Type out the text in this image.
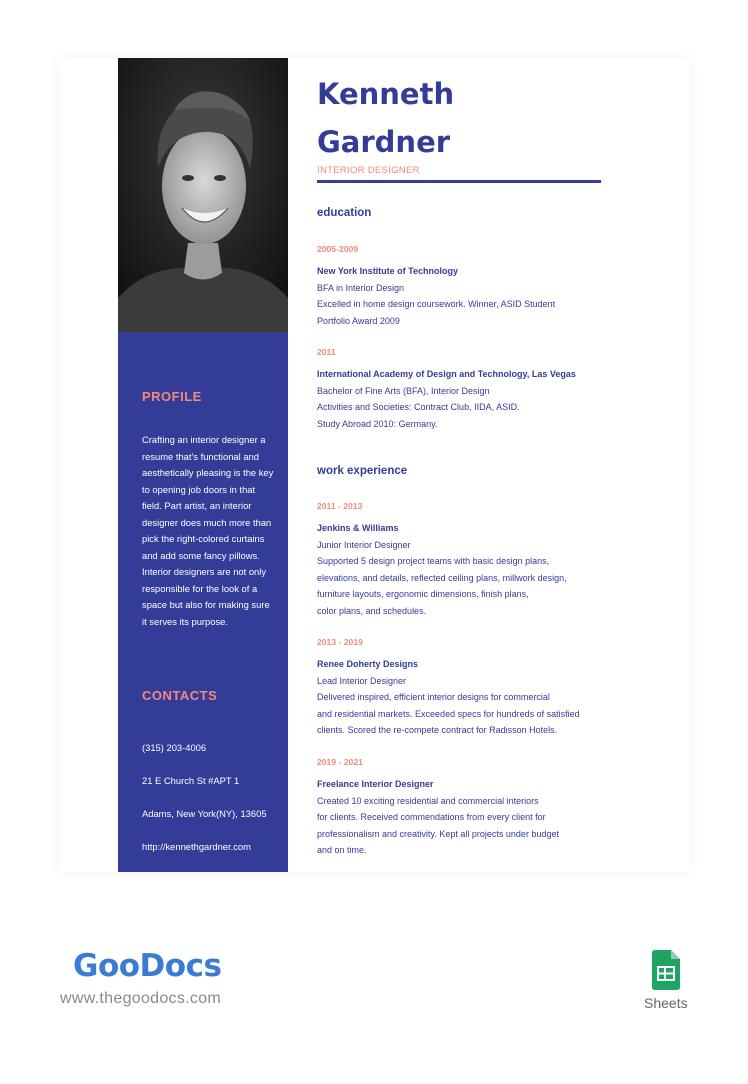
PROFILE
Crafting an interior designer a resume that's functional and aesthetically pleasing is the key to opening job doors in that field. Part artist, an interior designer does much more than pick the right-colored curtains and add some fancy pillows. Interior designers are not only responsible for the look of a space but also for making sure it serves its purpose.
CONTACTS
(315) 203-4006
21 E Church St #APT 1
Adams, New York(NY), 13605
http://kennethgardner.com
Kenneth
Gardner
INTERIOR DESIGNER
education
2005-2009
New York Institute of Technology
BFA in Interior Design
Excelled in home design coursework. Winner, ASID Student
Portfolio Award 2009
2011
International Academy of Design and Technology, Las Vegas
Bachelor of Fine Arts (BFA), Interior Design
Activities and Societies: Contract Club, IIDA, ASID.
Study Abroad 2010: Germany.
work experience
2011 - 2013
Jenkins & Williams
Junior Interior Designer
Supported 5 design project teams with basic design plans,
elevations, and details, reflected ceiling plans, millwork design,
furniture layouts, ergonomic dimensions, finish plans,
color plans, and schedules.
2013 - 2019
Renee Doherty Designs
Lead Interior Designer
Delivered inspired, efficient interior designs for commercial
and residential markets. Exceeded specs for hundreds of satisfied
clients. Scored the re-compete contract for Radisson Hotels.
2019 - 2021
Freelance Interior Designer
Created 10 exciting residential and commercial interiors
for clients. Received commendations from every client for
professionalism and creativity. Kept all projects under budget
and on time.
GooDocs
www.thegoodocs.com	Sheets
